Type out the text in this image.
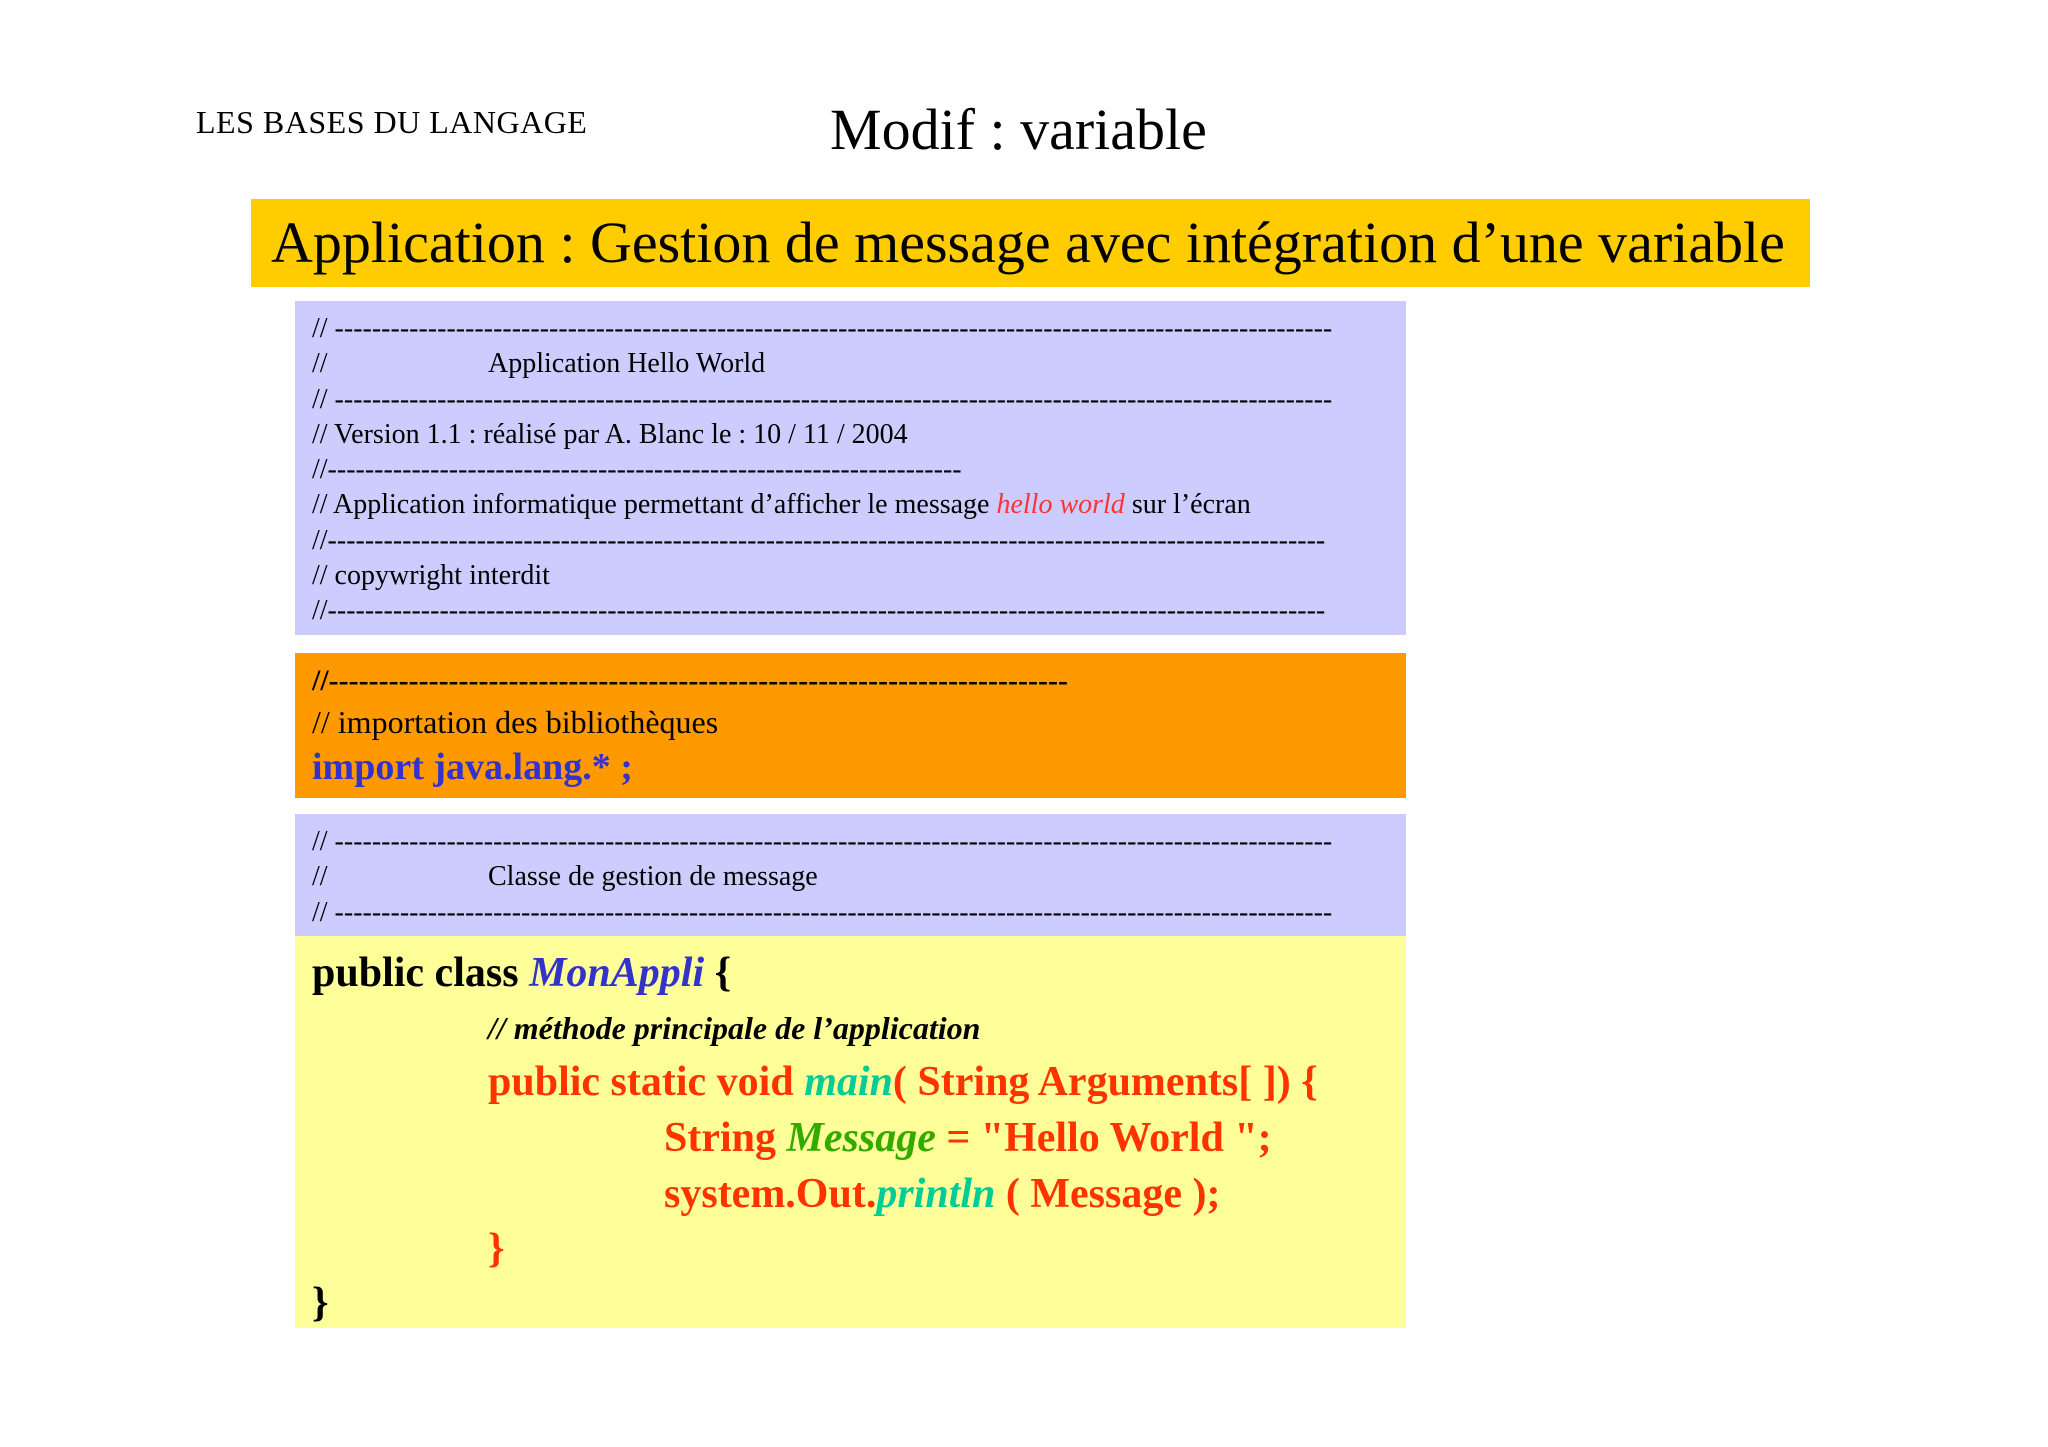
LES BASES DU LANGAGE	Modif : variable
Application : Gestion de message avec intégration d’une variable
// -----------------------------------------------------------------------------------------------------------
//	Application Hello World
// -----------------------------------------------------------------------------------------------------------
// Version 1.1 : réalisé par A. Blanc le : 10 / 11 / 2004
//--------------------------------------------------------------------
// Application informatique permettant d’afficher le message hello world sur l’écran
//-----------------------------------------------------------------------------------------------------------
// copywright interdit
//-----------------------------------------------------------------------------------------------------------
//--------------------------------------------------------------------------
// importation des bibliothèques
import java.lang.* ;
// -----------------------------------------------------------------------------------------------------------
//	Classe de gestion de message
// -----------------------------------------------------------------------------------------------------------
public class MonAppli {
// méthode principale de l’application
public static void main( String Arguments[ ]) {
String Message = "Hello World ";
system.Out.println ( Message );
}
}
